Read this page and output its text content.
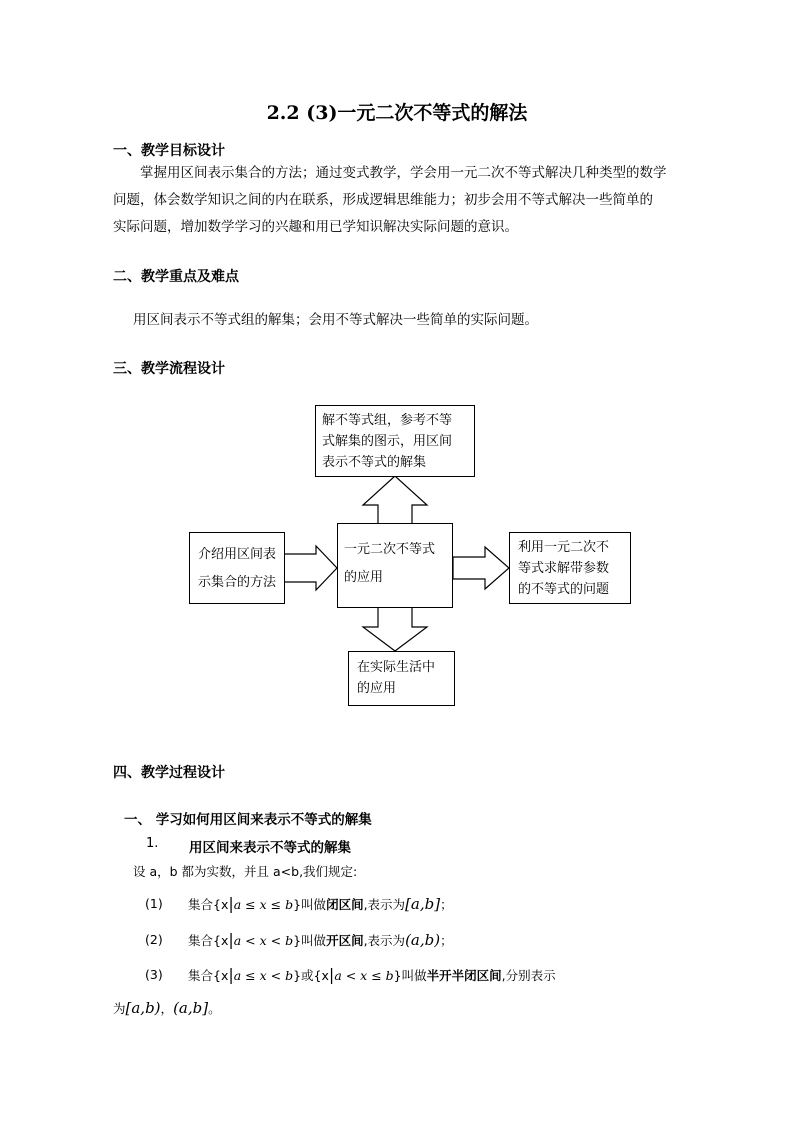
2.2 (3)一元二次不等式的解法
一、教学目标设计
掌握用区间表示集合的方法；通过变式教学，学会用一元二次不等式解决几种类型的数学
问题，体会数学知识之间的内在联系，形成逻辑思维能力；初步会用不等式解决一些简单的
实际问题，增加数学学习的兴趣和用已学知识解决实际问题的意识。
二、教学重点及难点
用区间表示不等式组的解集；会用不等式解决一些简单的实际问题。
三、教学流程设计
解不等式组，参考不等
式解集的图示，用区间
表示不等式的解集
一元二次不等式
的应用
介绍用区间表
示集合的方法
利用一元二次不
等式求解带参数
的不等式的问题
在实际生活中
的应用
四、教学过程设计
一、 学习如何用区间来表示不等式的解集
1. 用区间来表示不等式的解集
设 a，b 都为实数，并且 a<b,我们规定:
(1) 集合{x|a ≤ x ≤ b}叫做闭区间,表示为[a,b]；
(2) 集合{x|a < x < b}叫做开区间,表示为(a,b)；
(3) 集合{x|a ≤ x < b}或{x|a < x ≤ b}叫做半开半闭区间,分别表示
为[a,b)，(a,b]。
